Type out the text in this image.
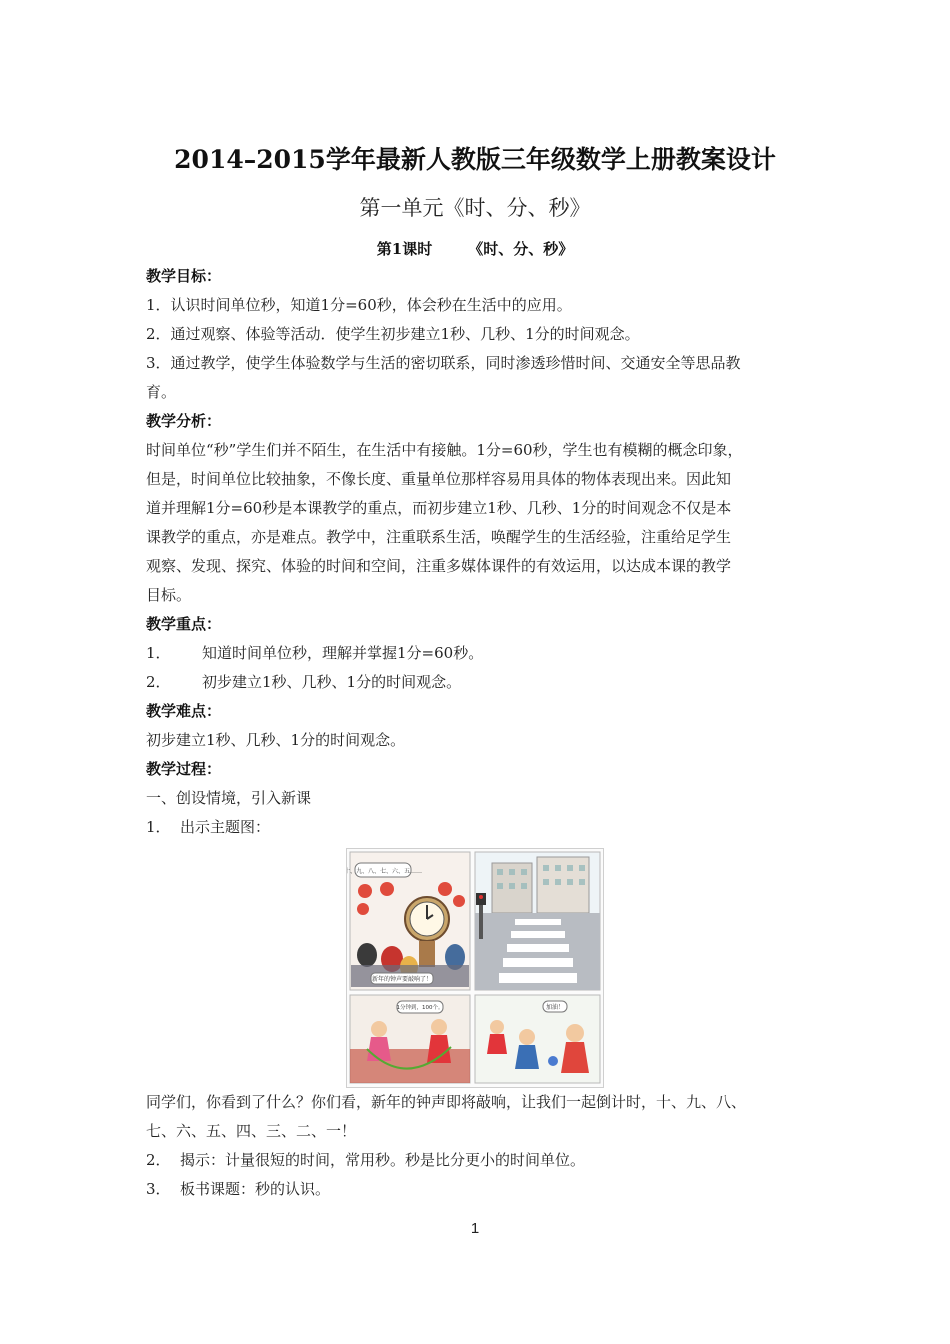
2014–2015学年最新人教版三年级数学上册教案设计
第一单元《时、分、秒》
第1课时 《时、分、秒》

教学目标：

1．认识时间单位秒，知道1分=60秒，体会秒在生活中的应用。

2．通过观察、体验等活动．使学生初步建立1秒、几秒、1分的时间观念。

3．通过教学，使学生体验数学与生活的密切联系，同时渗透珍惜时间、交通安全等思品教

育。

教学分析：

时间单位“秒”学生们并不陌生，在生活中有接触。1分=60秒，学生也有模糊的概念印象，

但是，时间单位比较抽象，不像长度、重量单位那样容易用具体的物体表现出来。因此知

道并理解1分=60秒是本课教学的重点，而初步建立1秒、几秒、1分的时间观念不仅是本

课教学的重点，亦是难点。教学中，注重联系生活，唤醒学生的生活经验，注重给足学生

观察、发现、探究、体验的时间和空间，注重多媒体课件的有效运用，以达成本课的教学

目标。

教学重点：

1． 知道时间单位秒，理解并掌握1分=60秒。

2． 初步建立1秒、几秒、1分的时间观念。

教学难点：

初步建立1秒、几秒、1分的时间观念。

教学过程：

一、创设情境，引入新课

1． 出示主题图：

十、九、八、七、六、五……
新年的钟声要敲响了！
1分钟到，100个。	加油！

同学们，你看到了什么？你们看，新年的钟声即将敲响，让我们一起倒计时，十、九、八、

七、六、五、四、三、二、一！

2． 揭示：计量很短的时间，常用秒。秒是比分更小的时间单位。

3． 板书课题：秒的认识。

1
